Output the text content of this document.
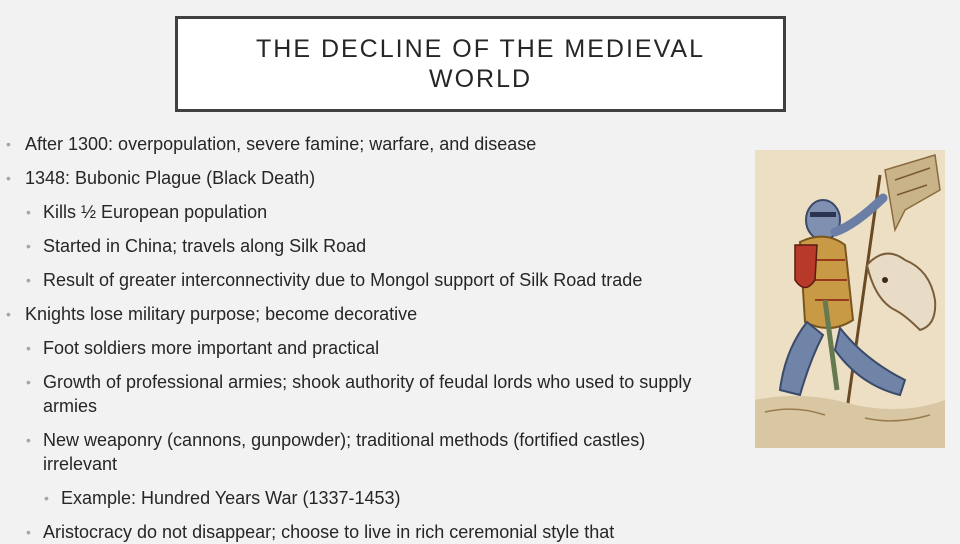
THE DECLINE OF THE MEDIEVAL WORLD
• After 1300: overpopulation, severe famine; warfare, and disease
• 1348: Bubonic Plague (Black Death)
• Kills ½ European population
• Started in China; travels along Silk Road
• Result of greater interconnectivity due to Mongol support of Silk Road trade
• Knights lose military purpose; become decorative
• Foot soldiers more important and practical
• Growth of professional armies; shook authority of feudal lords who used to supply armies
• New weaponry (cannons, gunpowder); traditional methods (fortified castles) irrelevant
• Example: Hundred Years War (1337-1453)
• Aristocracy do not disappear; choose to live in rich ceremonial style that
